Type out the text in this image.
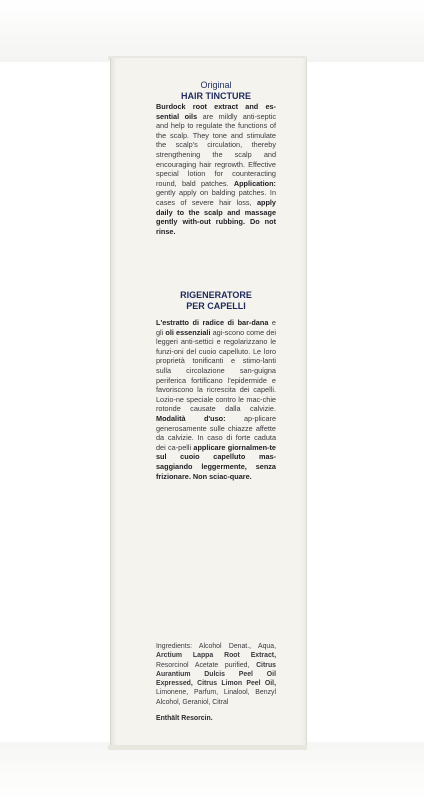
Original

HAIR TINCTURE

Burdock root extract and es-sential oils are mildly anti-septic and help to regulate the functions of the scalp. They tone and stimulate the scalp's circulation, thereby strengthening the scalp and encouraging hair regrowth. Effective special lotion for counteracting round, bald patches. Application: gently apply on balding patches. In cases of severe hair loss, apply daily to the scalp and massage gently with-out rubbing. Do not rinse.

RIGENERATORE

PER CAPELLI

L'estratto di radice di bar-dana e gli oli essenziali agi-scono come dei leggeri anti-settici e regolarizzano le funzi-oni del cuoio capelluto. Le loro proprietà tonificanti e stimo-lanti sulla circolazione san-guigna periferica fortificano l'epidermide e favoriscono la ricrescita dei capelli. Lozio-ne speciale contro le mac-chie rotonde causate dalla calvizie. Modalità d'uso: ap-plicare generosamente sulle chiazze affette da calvizie. In caso di forte caduta dei ca-pelli applicare giornalmen-te sul cuoio capelluto mas-saggiando leggermente, senza frizionare. Non sciac-quare.

Ingredients: Alcohol Denat., Aqua, Arctium Lappa Root Extract, Resorcinol Acetate purified, Citrus Aurantium Dulcis Peel Oil Expressed, Citrus Limon Peel Oil, Limonene, Parfum, Linalool, Benzyl Alcohol, Geraniol, Citral

Enthält Resorcin.
